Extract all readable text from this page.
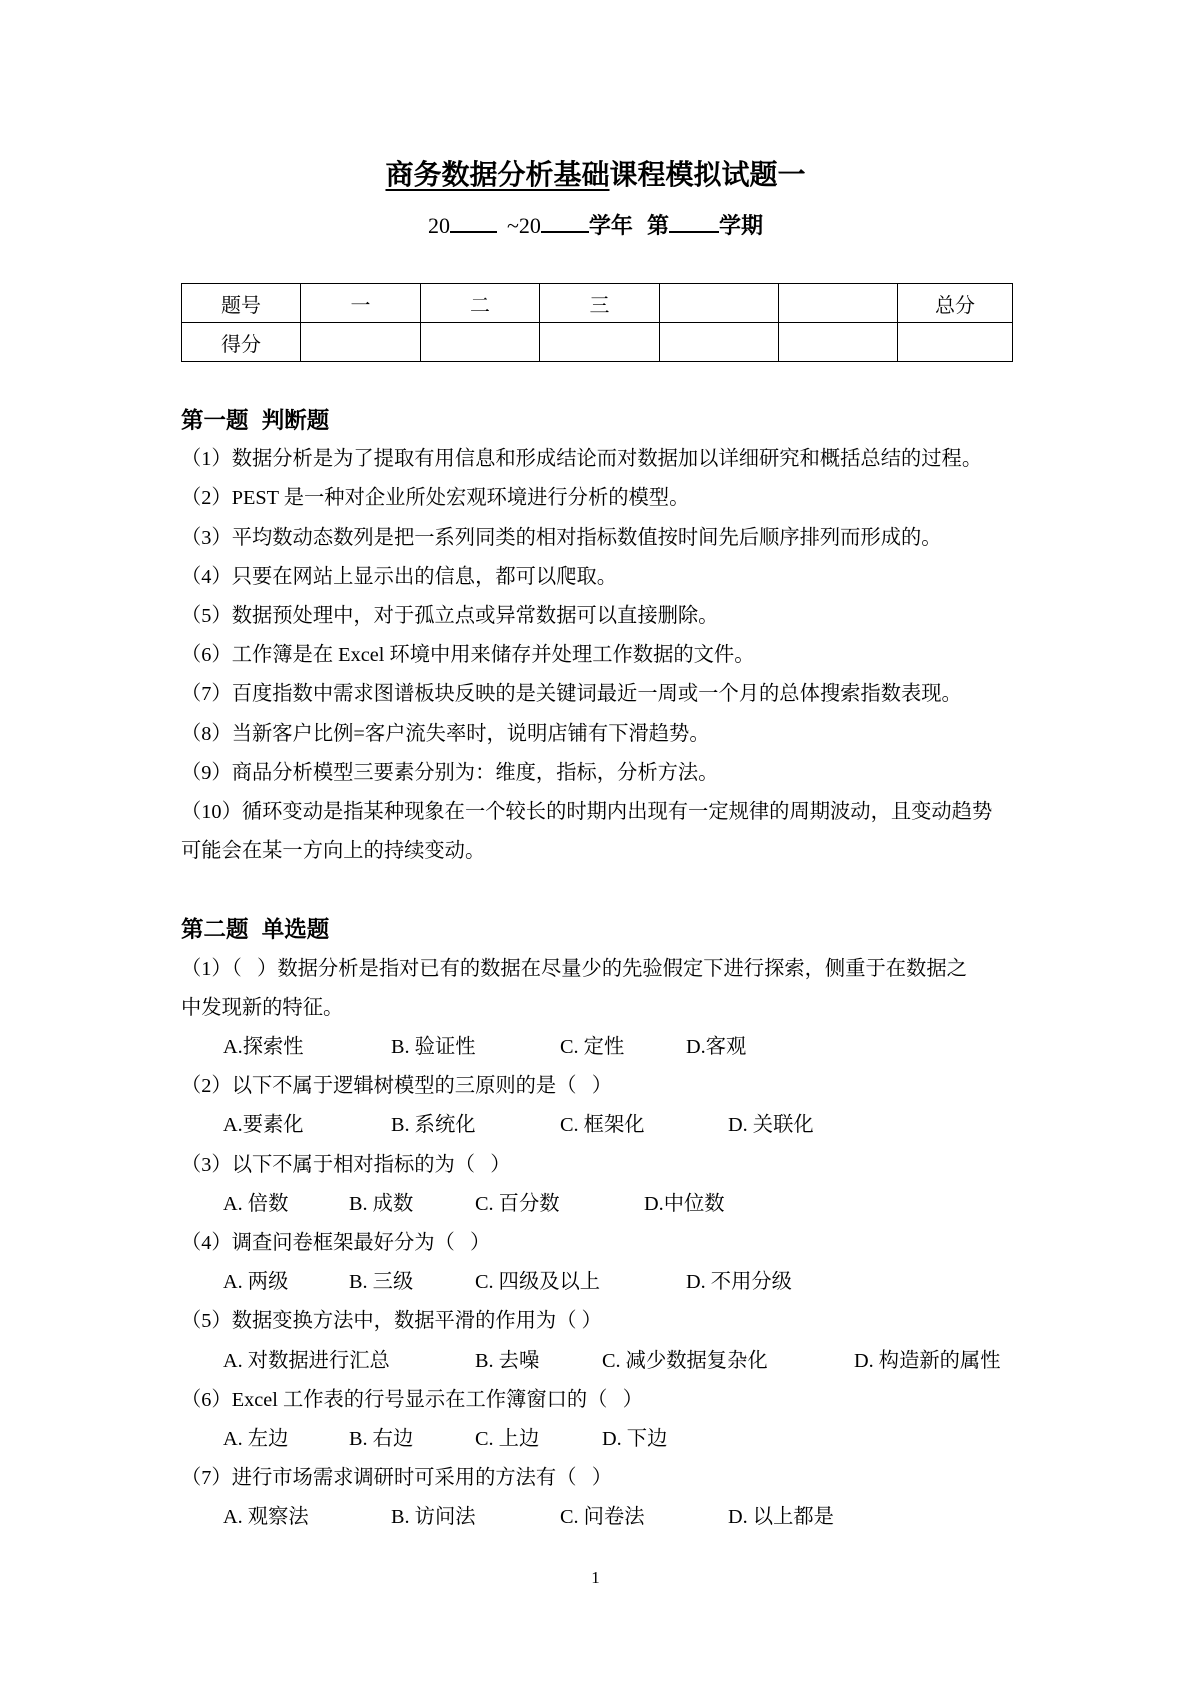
商务数据分析基础课程模拟试题一
20	~20 学年 第 学期
题号	一	二	三			总分
得分						
第一题 判断题
（1）数据分析是为了提取有用信息和形成结论而对数据加以详细研究和概括总结的过程。
（2）PEST 是一种对企业所处宏观环境进行分析的模型。
（3）平均数动态数列是把一系列同类的相对指标数值按时间先后顺序排列而形成的。
（4）只要在网站上显示出的信息，都可以爬取。
（5）数据预处理中，对于孤立点或异常数据可以直接删除。
（6）工作簿是在 Excel 环境中用来储存并处理工作数据的文件。
（7）百度指数中需求图谱板块反映的是关键词最近一周或一个月的总体搜索指数表现。
（8）当新客户比例=客户流失率时，说明店铺有下滑趋势。
（9）商品分析模型三要素分别为：维度，指标，分析方法。
（10）循环变动是指某种现象在一个较长的时期内出现有一定规律的周期波动，且变动趋势
可能会在某一方向上的持续变动。
第二题 单选题
（1）（   ）数据分析是指对已有的数据在尽量少的先验假定下进行探索，侧重于在数据之
中发现新的特征。

A.探索性

	B. 验证性

	C. 定性

	D.客观

（2）以下不属于逻辑树模型的三原则的是（   ）

A.要素化

	B. 系统化

	C. 框架化

	D. 关联化

（3）以下不属于相对指标的为（   ）

A. 倍数

	B. 成数

	C. 百分数

	D.中位数

（4）调查问卷框架最好分为（   ）

A. 两级

	B. 三级

	C. 四级及以上

	D. 不用分级

（5）数据变换方法中，数据平滑的作用为（ ）

A. 对数据进行汇总

	B. 去噪

	C. 减少数据复杂化

	D. 构造新的属性

（6）Excel 工作表的行号显示在工作簿窗口的（   ）

A. 左边

	B. 右边

	C. 上边

	D. 下边

（7）进行市场需求调研时可采用的方法有（   ）

A. 观察法

	B. 访问法

	C. 问卷法

	D. 以上都是

1
